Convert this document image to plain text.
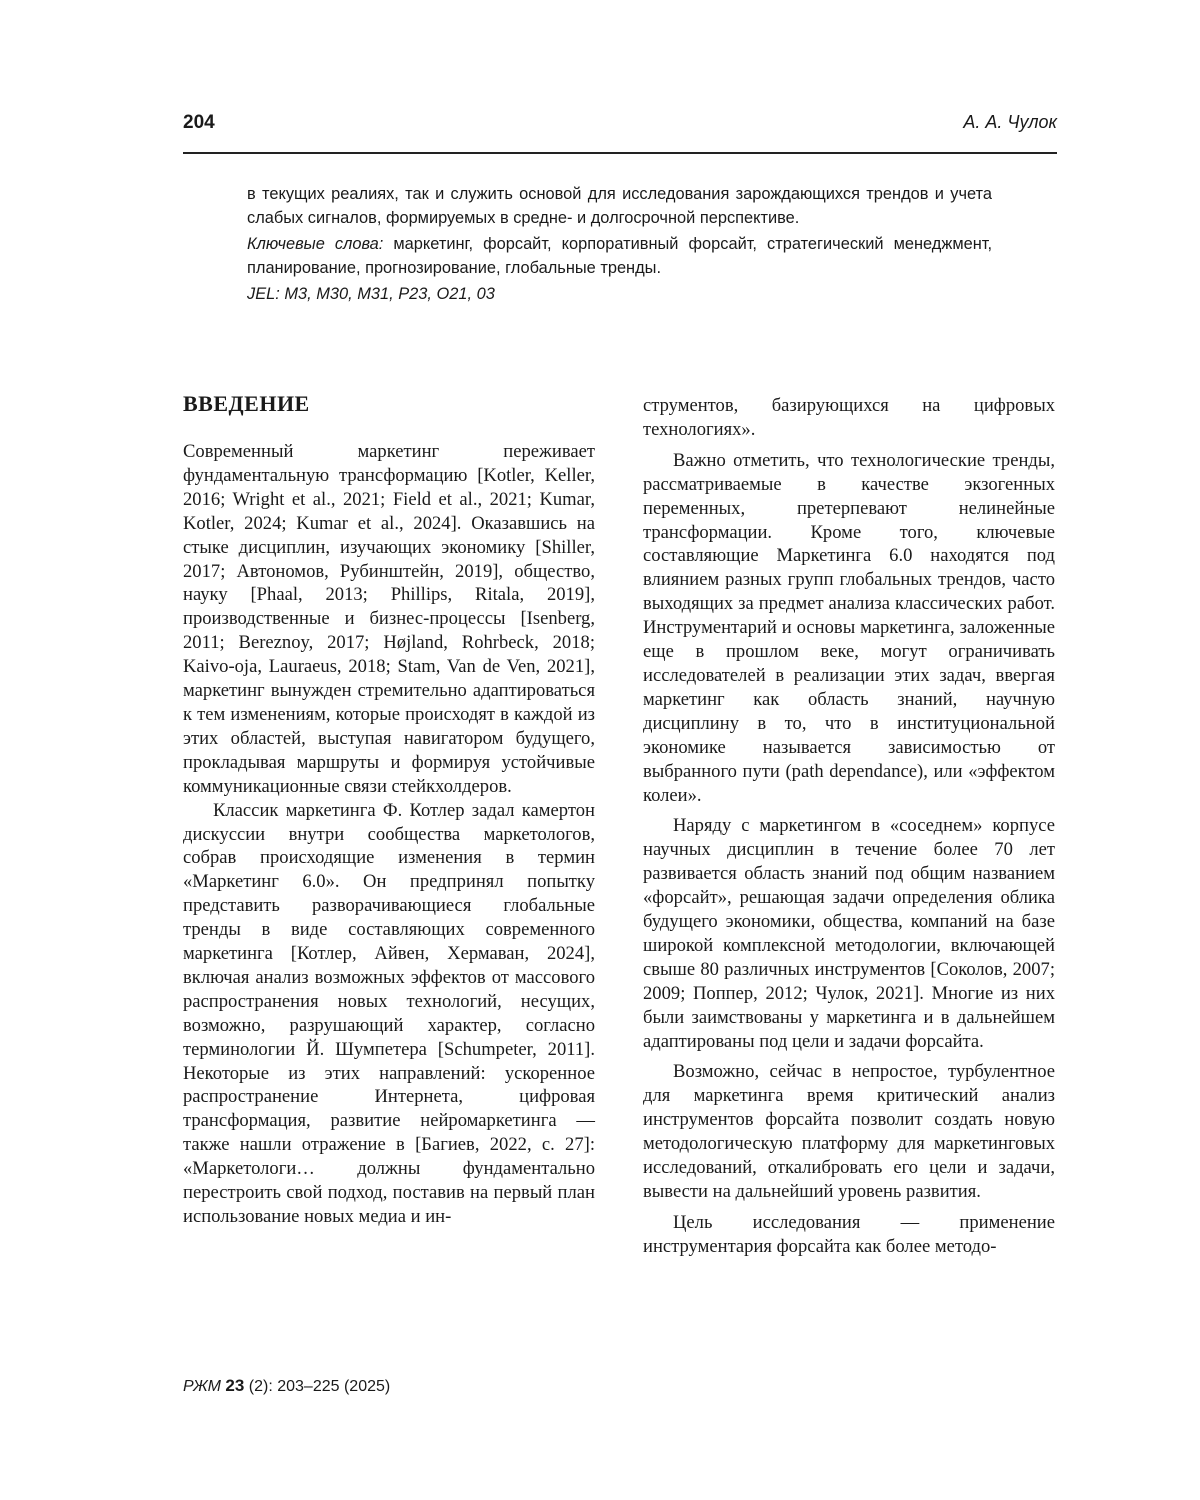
204	А. А. Чулок

в текущих реалиях, так и служить основой для исследования зарождающихся трендов и учета слабых сигналов, формируемых в средне- и долгосрочной перспективе.

Ключевые слова: маркетинг, форсайт, корпоративный форсайт, стратегический менеджмент, планирование, прогнозирование, глобальные тренды.

JEL: M3, M30, M31, P23, O21, 03

ВВЕДЕНИЕ

Современный маркетинг переживает фундаментальную трансформацию [Kotler, Keller, 2016; Wright et al., 2021; Field et al., 2021; Kumar, Kotler, 2024; Kumar et al., 2024]. Оказавшись на стыке дисциплин, изучающих экономику [Shiller, 2017; Автономов, Рубинштейн, 2019], общество, науку [Phaal, 2013; Phillips, Ritala, 2019], производственные и бизнес-процессы [Isenberg, 2011; Bereznoy, 2017; Højland, Rohrbeck, 2018; Kaivo-oja, Lauraeus, 2018; Stam, Van de Ven, 2021], маркетинг вынужден стремительно адаптироваться к тем изменениям, которые происходят в каждой из этих областей, выступая навигатором будущего, прокладывая маршруты и формируя устойчивые коммуникационные связи стейкхолдеров.

Классик маркетинга Ф. Котлер задал камертон дискуссии внутри сообщества маркетологов, собрав происходящие изменения в термин «Маркетинг 6.0». Он предпринял попытку представить разворачивающиеся глобальные тренды в виде составляющих современного маркетинга [Котлер, Айвен, Хермаван, 2024], включая анализ возможных эффектов от массового распространения новых технологий, несущих, возможно, разрушающий характер, согласно терминологии Й. Шумпетера [Schumpeter, 2011]. Некоторые из этих направлений: ускоренное распространение Интернета, цифровая трансформация, развитие нейромаркетинга — также нашли отражение в [Багиев, 2022, с. 27]: «Маркетологи… должны фундаментально перестроить свой подход, поставив на первый план использование новых медиа и ин-

струментов, базирующихся на цифровых технологиях».

Важно отметить, что технологические тренды, рассматриваемые в качестве экзогенных переменных, претерпевают нелинейные трансформации. Кроме того, ключевые составляющие Маркетинга 6.0 находятся под влиянием разных групп глобальных трендов, часто выходящих за предмет анализа классических работ. Инструментарий и основы маркетинга, заложенные еще в прошлом веке, могут ограничивать исследователей в реализации этих задач, ввергая маркетинг как область знаний, научную дисциплину в то, что в институциональной экономике называется зависимостью от выбранного пути (path dependance), или «эффектом колеи».

Наряду с маркетингом в «соседнем» корпусе научных дисциплин в течение более 70 лет развивается область знаний под общим названием «форсайт», решающая задачи определения облика будущего экономики, общества, компаний на базе широкой комплексной методологии, включающей свыше 80 различных инструментов [Соколов, 2007; 2009; Поппер, 2012; Чулок, 2021]. Многие из них были заимствованы у маркетинга и в дальнейшем адаптированы под цели и задачи форсайта.

Возможно, сейчас в непростое, турбулентное для маркетинга время критический анализ инструментов форсайта позволит создать новую методологическую платформу для маркетинговых исследований, откалибровать его цели и задачи, вывести на дальнейший уровень развития.

Цель исследования — применение инструментария форсайта как более методо-

РЖМ 23 (2): 203–225 (2025)
